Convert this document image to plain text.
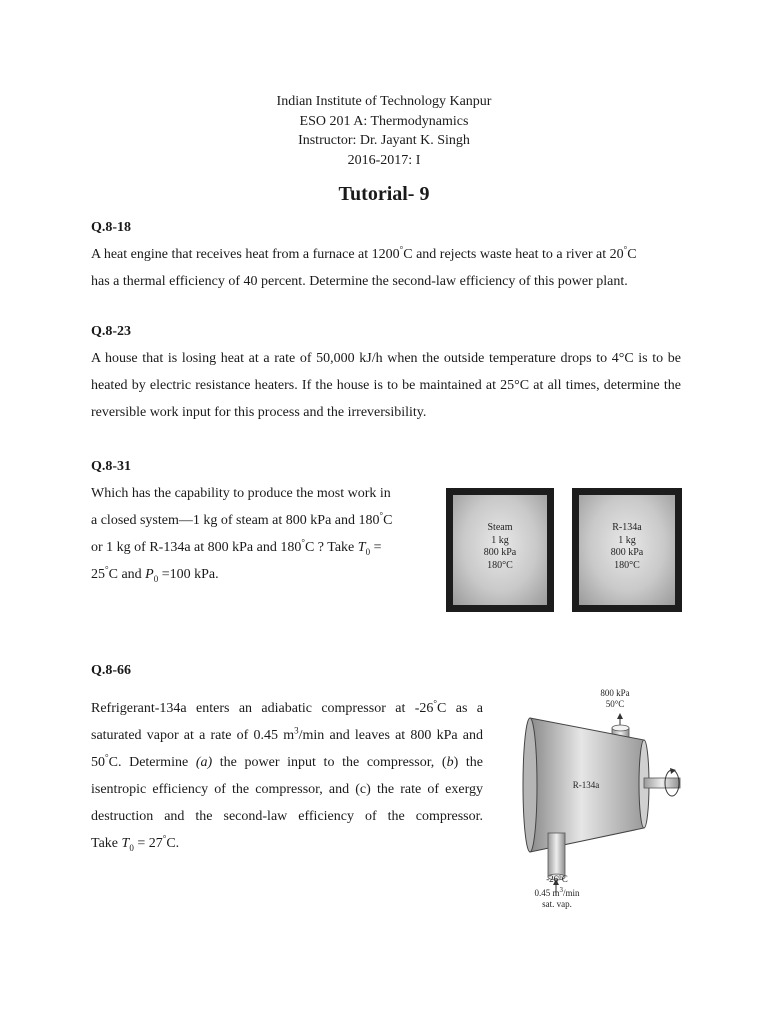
Indian Institute of Technology Kanpur
ESO 201 A: Thermodynamics
Instructor: Dr. Jayant K. Singh
2016-2017: I
Tutorial- 9
Q.8-18
A heat engine that receives heat from a furnace at 1200°C and rejects waste heat to a river at 20°C
has a thermal efficiency of 40 percent. Determine the second-law efficiency of this power plant.
Q.8-23
A house that is losing heat at a rate of 50,000 kJ/h when the outside temperature drops to 4°C is to be heated by electric resistance heaters. If the house is to be maintained at 25°C at all times, determine the reversible work input for this process and the irreversibility.
Q.8-31
Which has the capability to produce the most work in
a closed system—1 kg of steam at 800 kPa and 180°C
or 1 kg of R-134a at 800 kPa and 180°C ? Take $T_0$ =
25°C and $P_0 =100$ kPa.
Steam
1 kg
800 kPa
180°C
R-134a
1 kg
800 kPa
180°C
Q.8-66
Refrigerant-134a enters an adiabatic compressor at -26°C as a
saturated vapor at a rate of 0.45 $m^3/\min$ and leaves at 800 kPa and
50°C. Determine (a) the power input to the compressor, (b) the
isentropic efficiency of the compressor, and (c) the rate of exergy
destruction and the second-law efficiency of the compressor.
Take $T_0 = 27^\circ C$.
800 kPa
50°C
R-134a
-26°C
0.45 $m^3/\min$
sat. vap.
